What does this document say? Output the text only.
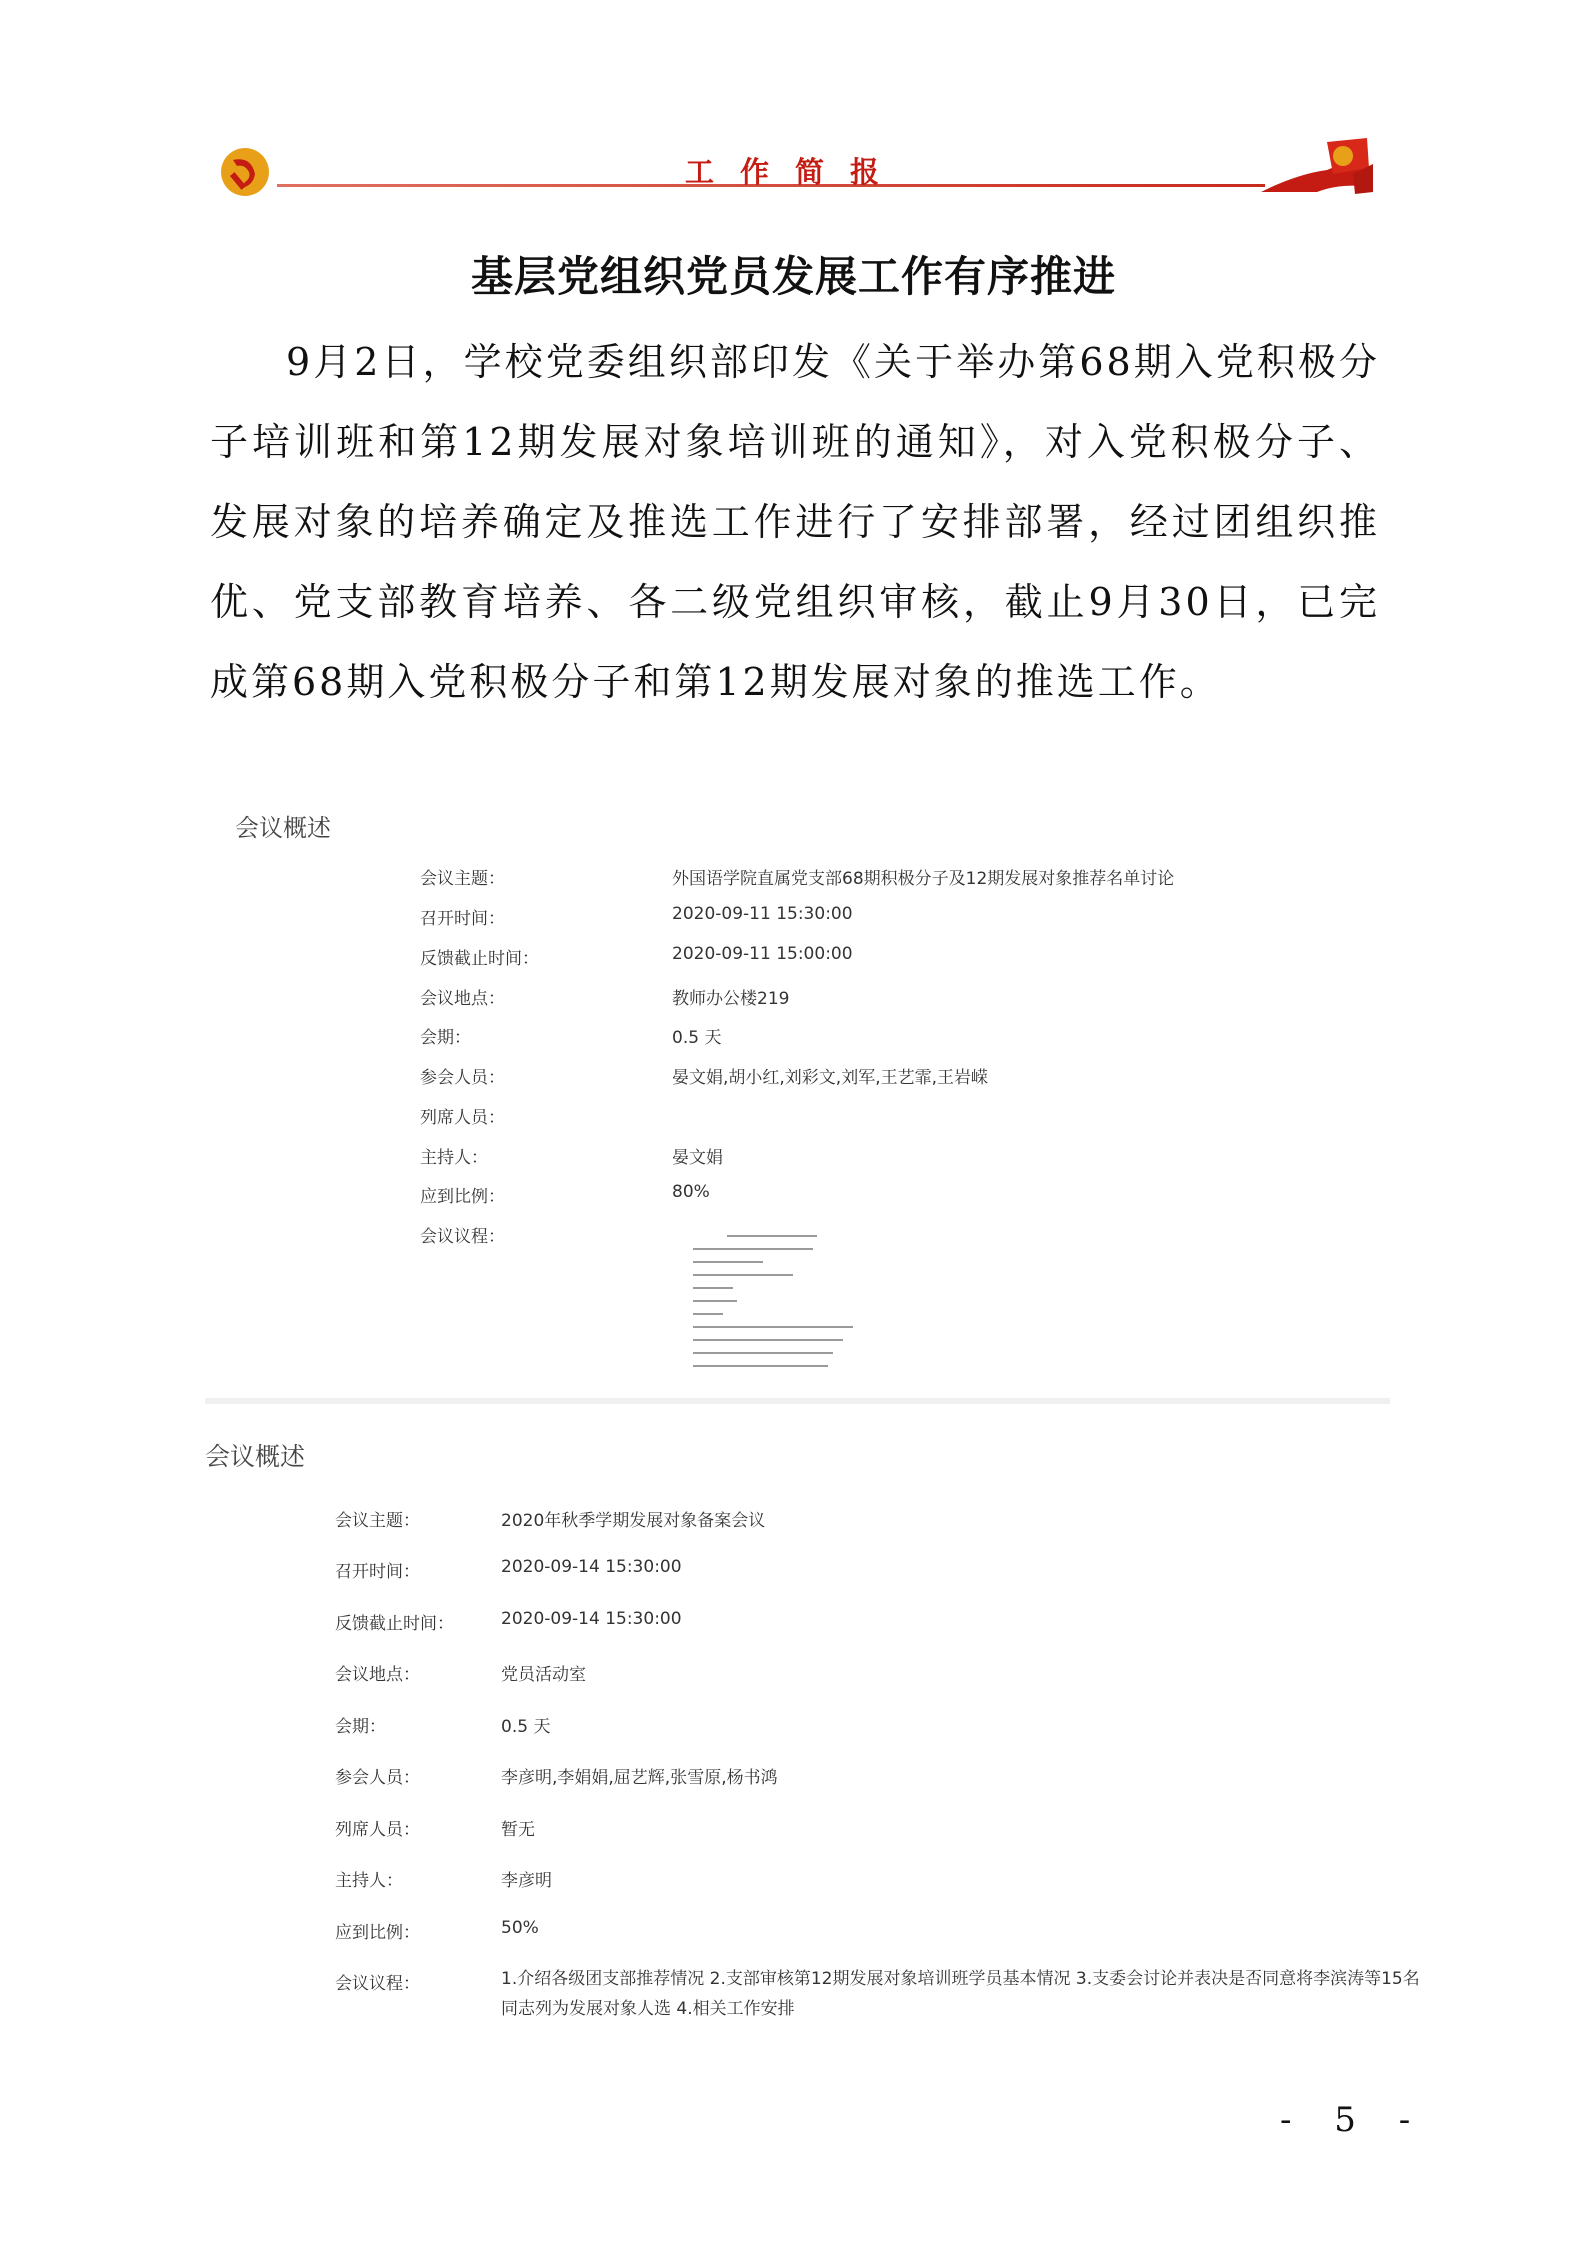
工作简报
基层党组织党员发展工作有序推进
9月2日，学校党委组织部印发《关于举办第68期入党积极分子培训班和第12期发展对象培训班的通知》，对入党积极分子、发展对象的培养确定及推选工作进行了安排部署，经过团组织推优、党支部教育培养、各二级党组织审核，截止9月30日，已完成第68期入党积极分子和第12期发展对象的推选工作。
会议概述
会议主题：	外国语学院直属党支部68期积极分子及12期发展对象推荐名单讨论
召开时间：	2020-09-11 15:30:00
反馈截止时间：	2020-09-11 15:00:00
会议地点：	教师办公楼219
会期：	0.5 天
参会人员：	晏文娟,胡小红,刘彩文,刘军,王艺霏,王岩嵘
列席人员：
主持人：	晏文娟
应到比例：	80%
会议议程：
会议概述
会议主题：	2020年秋季学期发展对象备案会议
召开时间：	2020-09-14 15:30:00
反馈截止时间：	2020-09-14 15:30:00
会议地点：	党员活动室
会期：	0.5 天
参会人员：	李彦明,李娟娟,屈艺辉,张雪原,杨书鸿
列席人员：	暂无
主持人：	李彦明
应到比例：	50%
会议议程：	1.介绍各级团支部推荐情况 2.支部审核第12期发展对象培训班学员基本情况 3.支委会讨论并表决是否同意将李滨涛等15名同志列为发展对象人选 4.相关工作安排
- 5 -
